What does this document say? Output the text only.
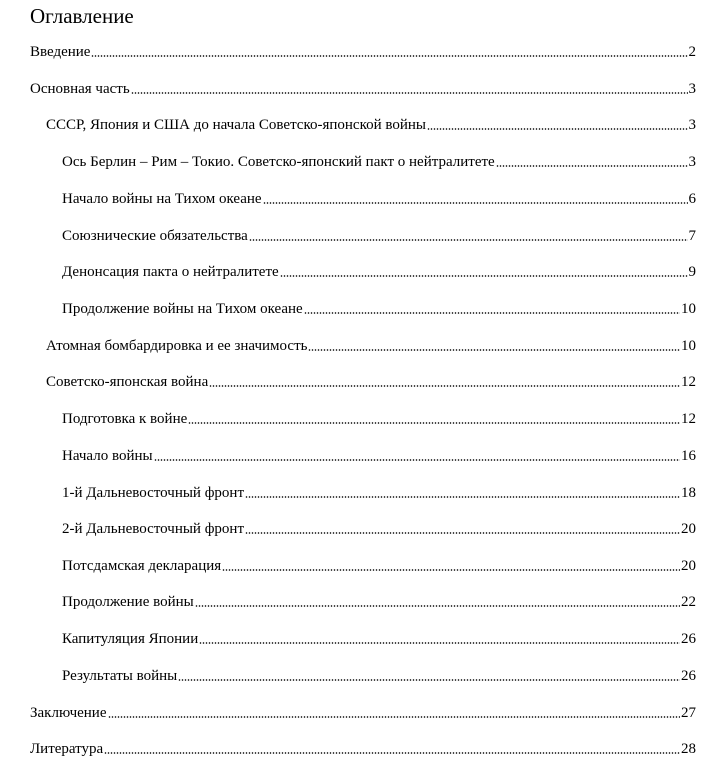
Оглавление
Введение	2
Основная часть	3
СССР, Япония и США до начала Советско-японской войны	3
Ось Берлин – Рим – Токио. Советско-японский пакт о нейтралитете	3
Начало войны на Тихом океане	6
Союзнические обязательства	7
Денонсация пакта о нейтралитете	9
Продолжение войны на Тихом океане	10
Атомная бомбардировка и ее значимость	10
Советско-японская война	12
Подготовка к войне	12
Начало войны	16
1-й Дальневосточный фронт	18
2-й Дальневосточный фронт	20
Потсдамская декларация	20
Продолжение войны	22
Капитуляция Японии	26
Результаты войны	26
Заключение	27
Литература	28
